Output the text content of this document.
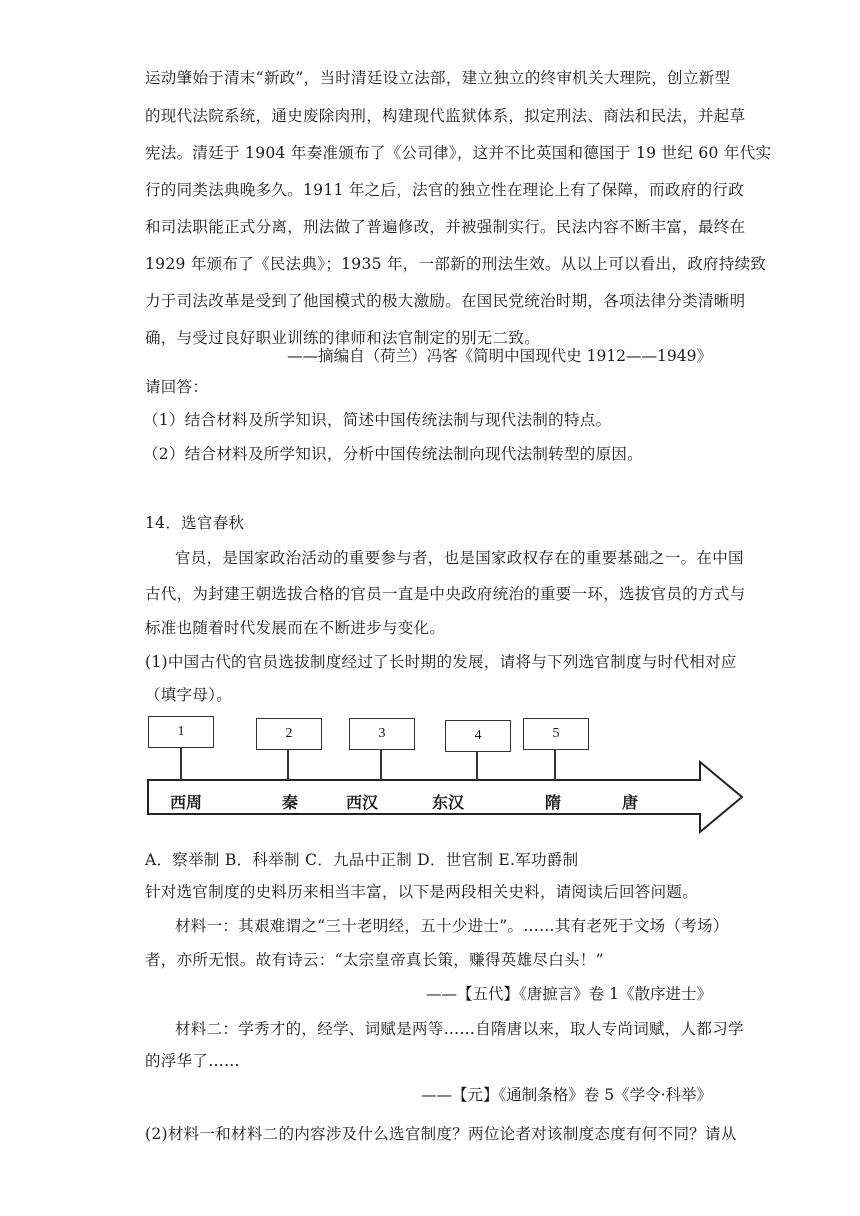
运动肇始于清末“新政”，当时清廷设立法部，建立独立的终审机关大理院，创立新型
的现代法院系统，通史废除肉刑，构建现代监狱体系，拟定刑法、商法和民法，并起草
宪法。清廷于 1904 年奏准颁布了《公司律》，这并不比英国和德国于 19 世纪 60 年代实
行的同类法典晚多久。1911 年之后，法官的独立性在理论上有了保障，而政府的行政
和司法职能正式分离，刑法做了普遍修改，并被强制实行。民法内容不断丰富，最终在
1929 年颁布了《民法典》；1935 年，一部新的刑法生效。从以上可以看出，政府持续致
力于司法改革是受到了他国模式的极大激励。在国民党统治时期，各项法律分类清晰明
确，与受过良好职业训练的律师和法官制定的别无二致。
——摘编自（荷兰）冯客《简明中国现代史 1912——1949》
请回答：
（1）结合材料及所学知识，简述中国传统法制与现代法制的特点。
（2）结合材料及所学知识，分析中国传统法制向现代法制转型的原因。
14．选官春秋
官员，是国家政治活动的重要参与者，也是国家政权存在的重要基础之一。在中国
古代，为封建王朝选拔合格的官员一直是中央政府统治的重要一环，选拔官员的方式与
标准也随着时代发展而在不断进步与变化。
(1)中国古代的官员选拔制度经过了长时期的发展，请将与下列选官制度与时代相对应
（填字母）。
1	2	3	4	5
西周	秦	西汉	东汉	隋	唐
A．察举制 B．科举制 C．九品中正制 D．世官制 E.军功爵制
针对选官制度的史料历来相当丰富，以下是两段相关史料，请阅读后回答问题。
材料一：其艰难谓之“三十老明经，五十少进士”。……其有老死于文场（考场）
者，亦所无恨。故有诗云：“太宗皇帝真长策，赚得英雄尽白头！”
——【五代】《唐摭言》卷 1《散序进士》
材料二：学秀才的，经学、词赋是两等……自隋唐以来，取人专尚词赋，人都习学
的浮华了……
——【元】《通制条格》卷 5《学令·科举》
(2)材料一和材料二的内容涉及什么选官制度？两位论者对该制度态度有何不同？请从
